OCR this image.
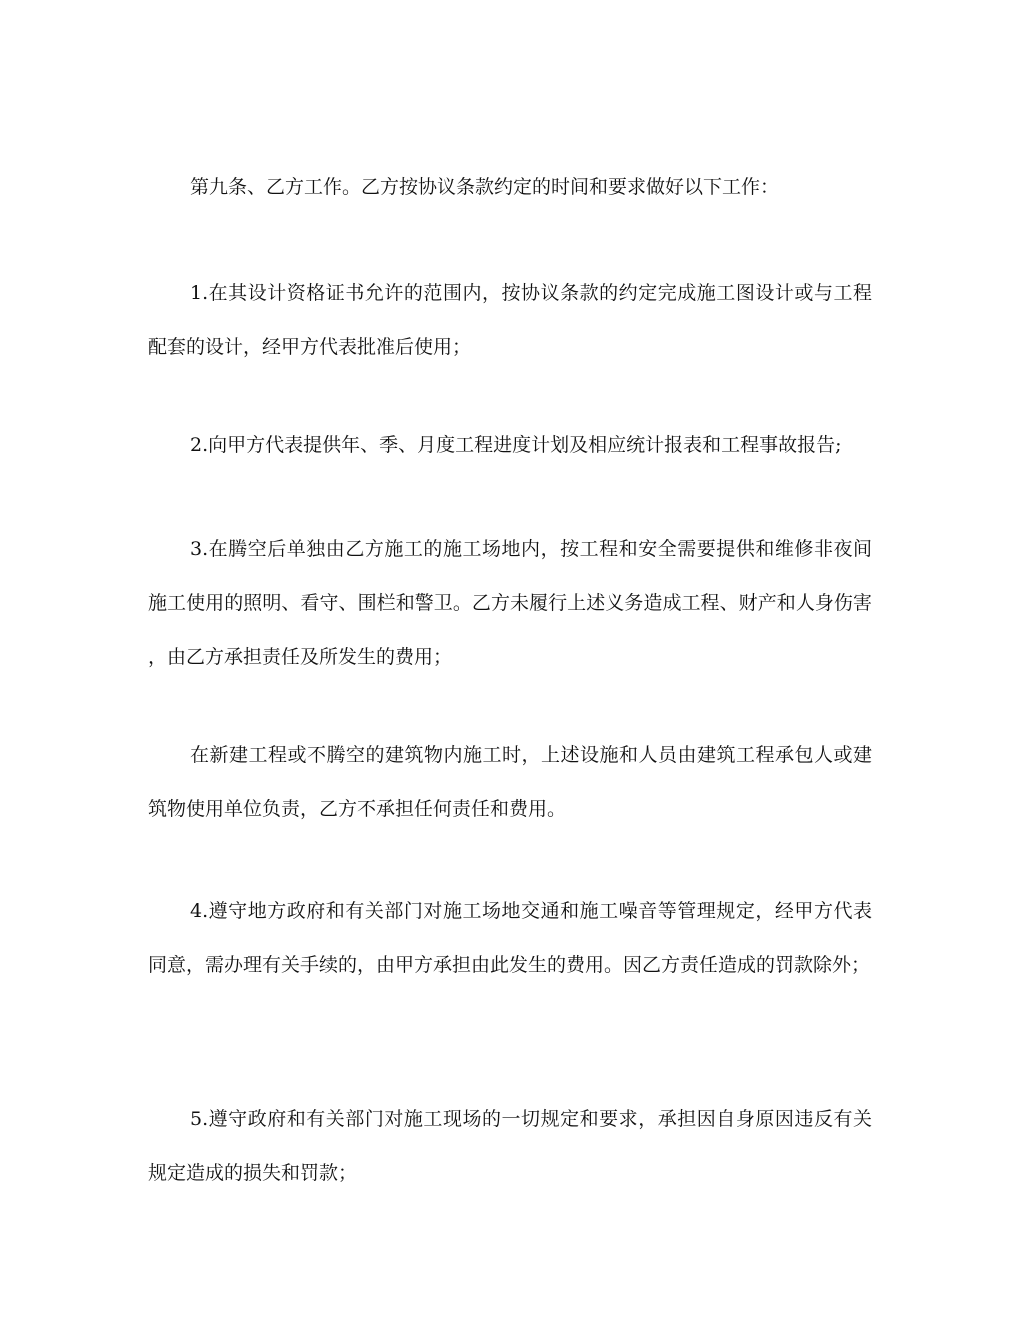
第九条、乙方工作。乙方按协议条款约定的时间和要求做好以下工作：

1.在其设计资格证书允许的范围内，按协议条款的约定完成施工图设计或与工程配套的设计，经甲方代表批准后使用；

2.向甲方代表提供年、季、月度工程进度计划及相应统计报表和工程事故报告;

3.在腾空后单独由乙方施工的施工场地内，按工程和安全需要提供和维修非夜间施工使用的照明、看守、围栏和警卫。乙方未履行上述义务造成工程、财产和人身伤害，由乙方承担责任及所发生的费用；

在新建工程或不腾空的建筑物内施工时，上述设施和人员由建筑工程承包人或建筑物使用单位负责，乙方不承担任何责任和费用。

4.遵守地方政府和有关部门对施工场地交通和施工噪音等管理规定，经甲方代表同意，需办理有关手续的，由甲方承担由此发生的费用。因乙方责任造成的罚款除外；

5.遵守政府和有关部门对施工现场的一切规定和要求，承担因自身原因违反有关规定造成的损失和罚款；
